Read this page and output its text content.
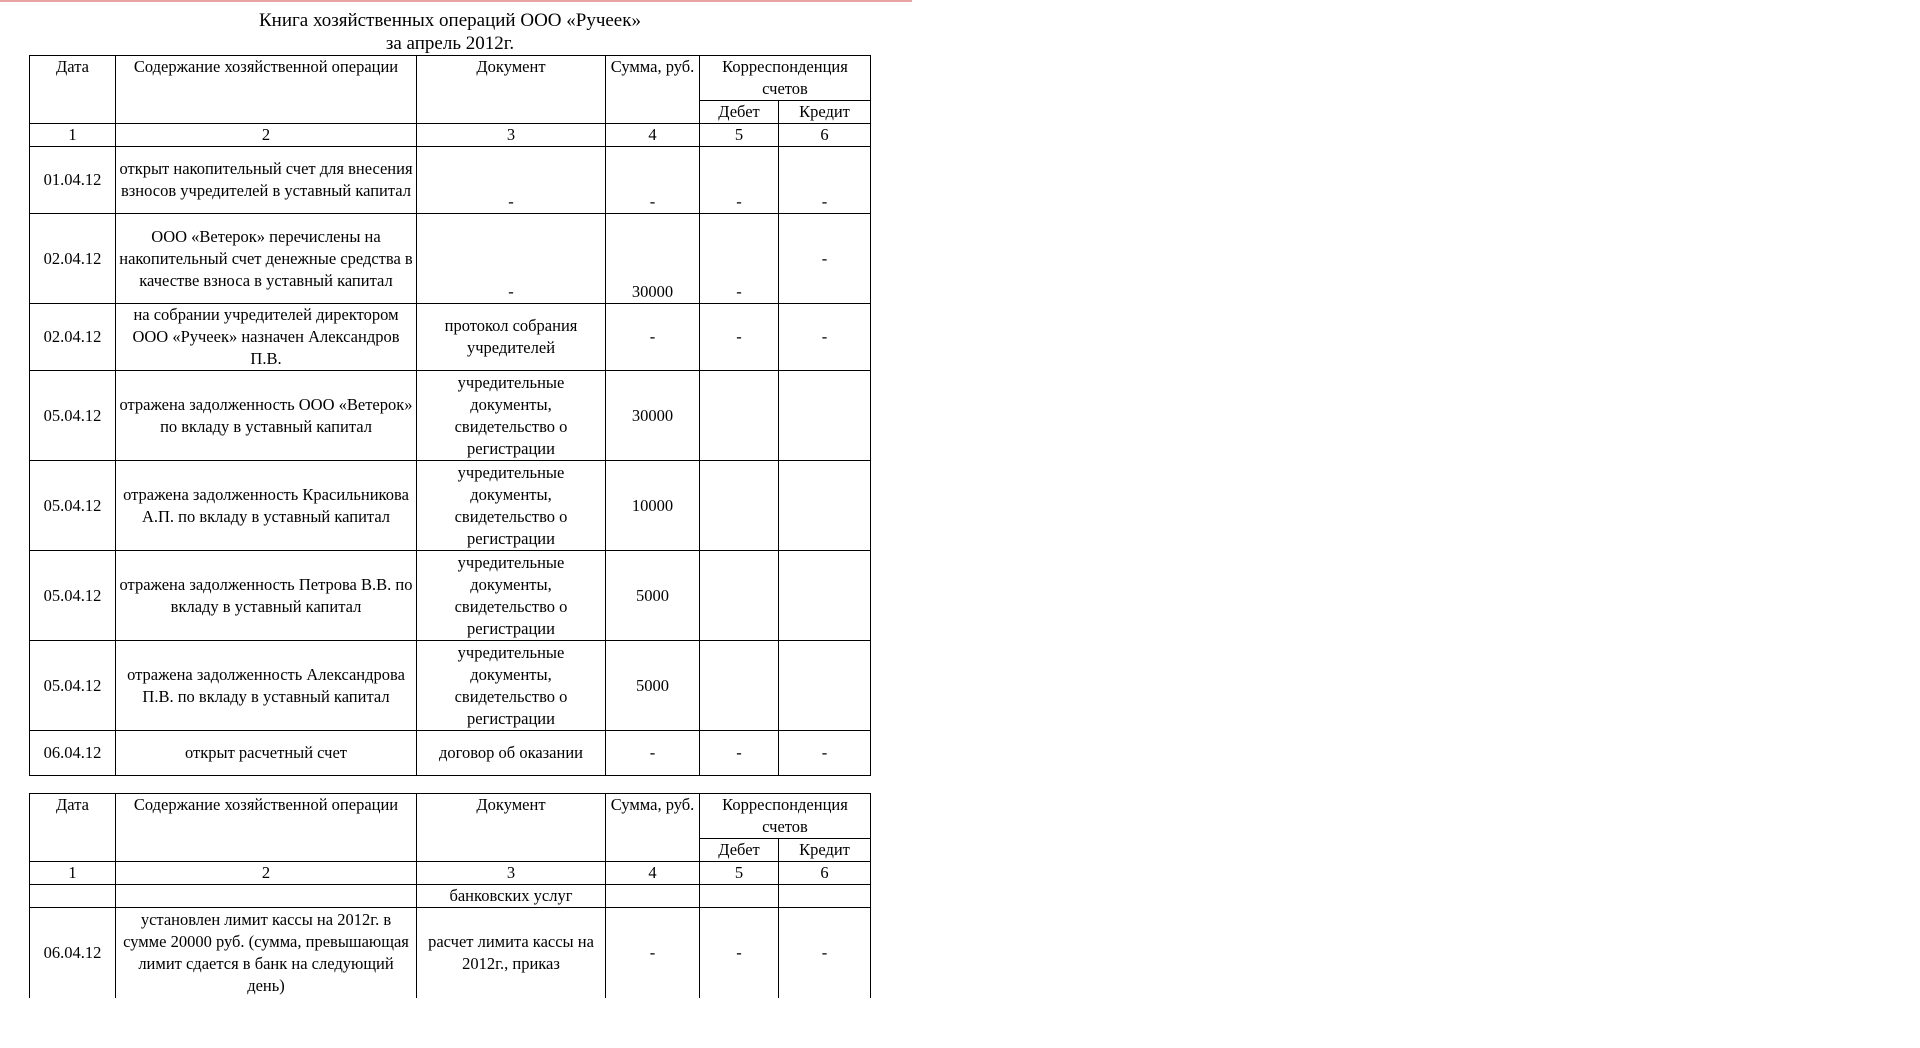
Книга хозяйственных операций ООО «Ручеек»
за апрель 2012г.
Дата	Содержание хозяйственной операции	Документ	Сумма, руб.	Корреспонденция счетов	
				Дебет	Кредит
1	2	3	4	5	6
01.04.12	открыт накопительный счет для внесения взносов учредителей в уставный капитал	-	-	-	-
02.04.12	ООО «Ветерок» перечислены на накопительный счет денежные средства в качестве взноса в уставный капитал	-	30000	-	-
02.04.12	на собрании учредителей директором ООО «Ручеек» назначен Александров П.В.	протокол собрания учредителей	-	-	-
05.04.12	отражена задолженность ООО «Ветерок» по вкладу в уставный капитал	учредительные документы, свидетельство о регистрации	30000		
05.04.12	отражена задолженность Красильникова А.П. по вкладу в уставный капитал	учредительные документы, свидетельство о регистрации	10000		
05.04.12	отражена задолженность Петрова В.В. по вкладу в уставный капитал	учредительные документы, свидетельство о регистрации	5000		
05.04.12	отражена задолженность Александрова П.В. по вкладу в уставный капитал	учредительные документы, свидетельство о регистрации	5000		
06.04.12	открыт расчетный счет	договор об оказании	-	-	-
Дата	Содержание хозяйственной операции	Документ	Сумма, руб.	Корреспонденция счетов	
				Дебет	Кредит
1	2	3	4	5	6
		банковских услуг			
06.04.12	установлен лимит кассы на 2012г. в сумме 20000 руб. (сумма, превышающая лимит сдается в банк на следующий день)	расчет лимита кассы на 2012г., приказ	-	-	-
